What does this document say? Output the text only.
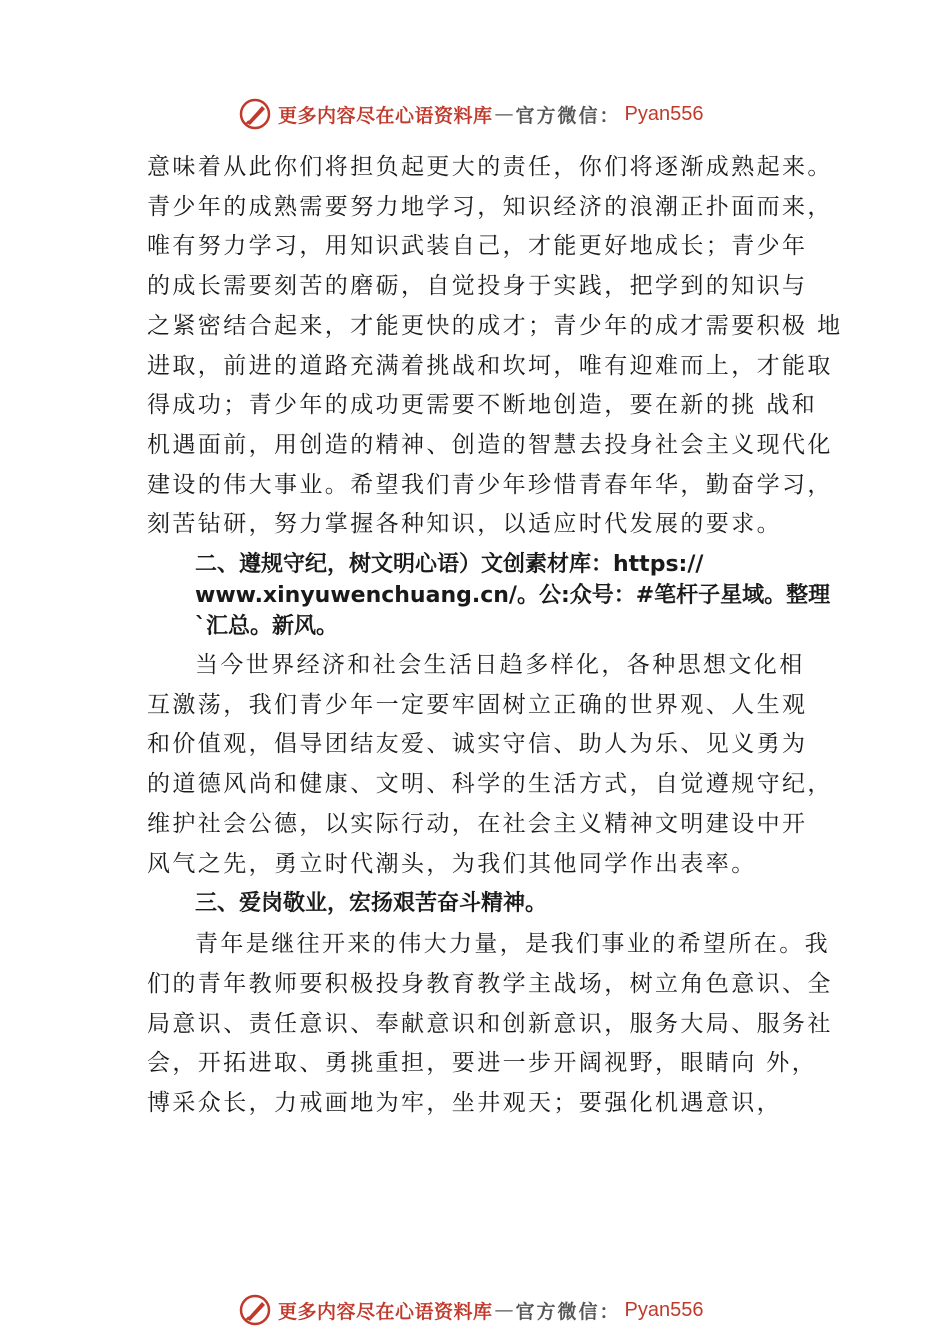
更多内容尽在心语资料库 — 官方微信： Pyan556

意味着从此你们将担负起更大的责任，你们将逐渐成熟起来。
青少年的成熟需要努力地学习，知识经济的浪潮正扑面而来，
唯有努力学习，用知识武装自己，才能更好地成长；青少年
的成长需要刻苦的磨砺，自觉投身于实践，把学到的知识与
之紧密结合起来，才能更快的成才；青少年的成才需要积极 地
进取，前进的道路充满着挑战和坎坷，唯有迎难而上，才能取
得成功；青少年的成功更需要不断地创造，要在新的挑 战和
机遇面前，用创造的精神、创造的智慧去投身社会主义现代化
建设的伟大事业。希望我们青少年珍惜青春年华，勤奋学习，
刻苦钻研，努力掌握各种知识，以适应时代发展的要求。

二、遵规守纪，树文明心语）文创素材库：https://
www.xinyuwenchuang.cn/。公:众号：#笔杆子星域。整理
`汇总。新风。

当今世界经济和社会生活日趋多样化，各种思想文化相
互激荡，我们青少年一定要牢固树立正确的世界观、人生观
和价值观，倡导团结友爱、诚实守信、助人为乐、见义勇为
的道德风尚和健康、文明、科学的生活方式，自觉遵规守纪，
维护社会公德，以实际行动，在社会主义精神文明建设中开
风气之先，勇立时代潮头，为我们其他同学作出表率。

三、爱岗敬业，宏扬艰苦奋斗精神。

青年是继往开来的伟大力量，是我们事业的希望所在。我
们的青年教师要积极投身教育教学主战场，树立角色意识、全
局意识、责任意识、奉献意识和创新意识，服务大局、服务社
会，开拓进取、勇挑重担，要进一步开阔视野，眼睛向 外，
博采众长，力戒画地为牢，坐井观天；要强化机遇意识，

更多内容尽在心语资料库 — 官方微信： Pyan556
